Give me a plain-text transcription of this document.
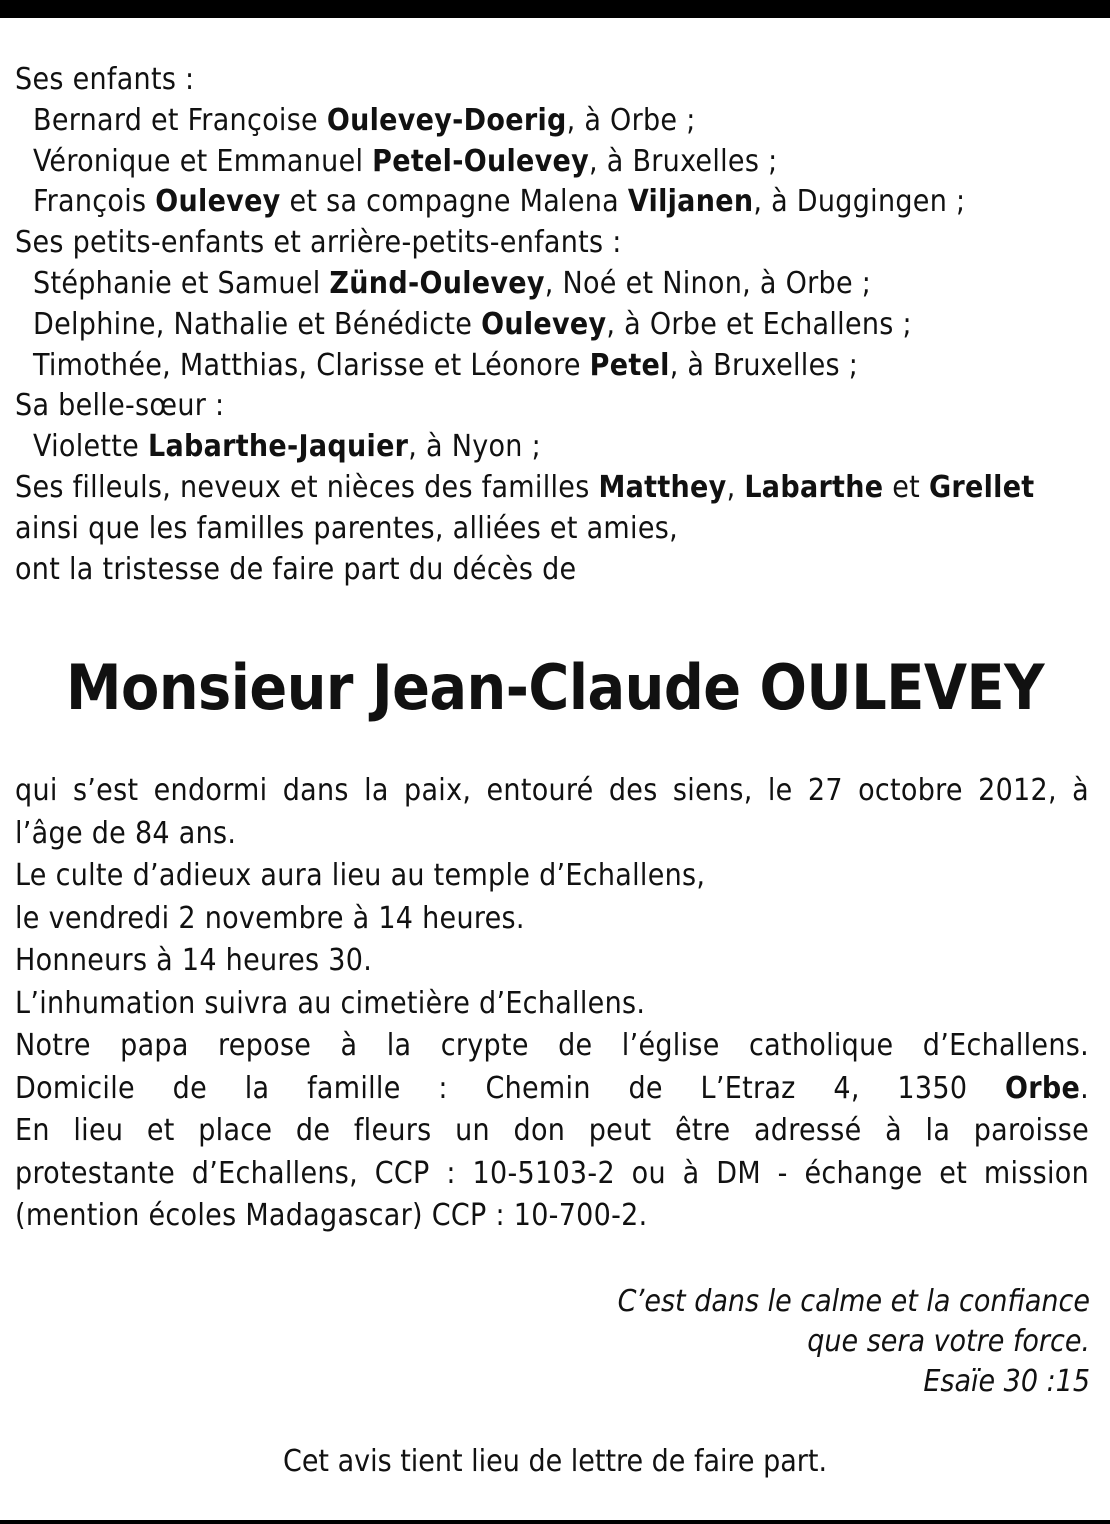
Ses enfants :
Bernard et Françoise Oulevey-Doerig, à Orbe ;
Véronique et Emmanuel Petel-Oulevey, à Bruxelles ;
François Oulevey et sa compagne Malena Viljanen, à Duggingen ;
Ses petits-enfants et arrière-petits-enfants :
Stéphanie et Samuel Zünd-Oulevey, Noé et Ninon, à Orbe ;
Delphine, Nathalie et Bénédicte Oulevey, à Orbe et Echallens ;
Timothée, Matthias, Clarisse et Léonore Petel, à Bruxelles ;
Sa belle-sœur :
Violette Labarthe-Jaquier, à Nyon ;
Ses filleuls, neveux et nièces des familles Matthey, Labarthe et Grellet
ainsi que les familles parentes, alliées et amies,
ont la tristesse de faire part du décès de
Monsieur Jean-Claude OULEVEY
qui s’est endormi dans la paix, entouré des siens, le 27 octobre 2012, à
l’âge de 84 ans.
Le culte d’adieux aura lieu au temple d’Echallens,
le vendredi 2 novembre à 14 heures.
Honneurs à 14 heures 30.
L’inhumation suivra au cimetière d’Echallens.
Notre papa repose à la crypte de l’église catholique d’Echallens.
Domicile de la famille : Chemin de L’Etraz 4, 1350 Orbe.
En lieu et place de fleurs un don peut être adressé à la paroisse
protestante d’Echallens, CCP : 10-5103-2 ou à DM - échange et mission
(mention écoles Madagascar) CCP : 10-700-2.
C’est dans le calme et la confiance
que sera votre force.
Esaïe 30 :15
Cet avis tient lieu de lettre de faire part.
